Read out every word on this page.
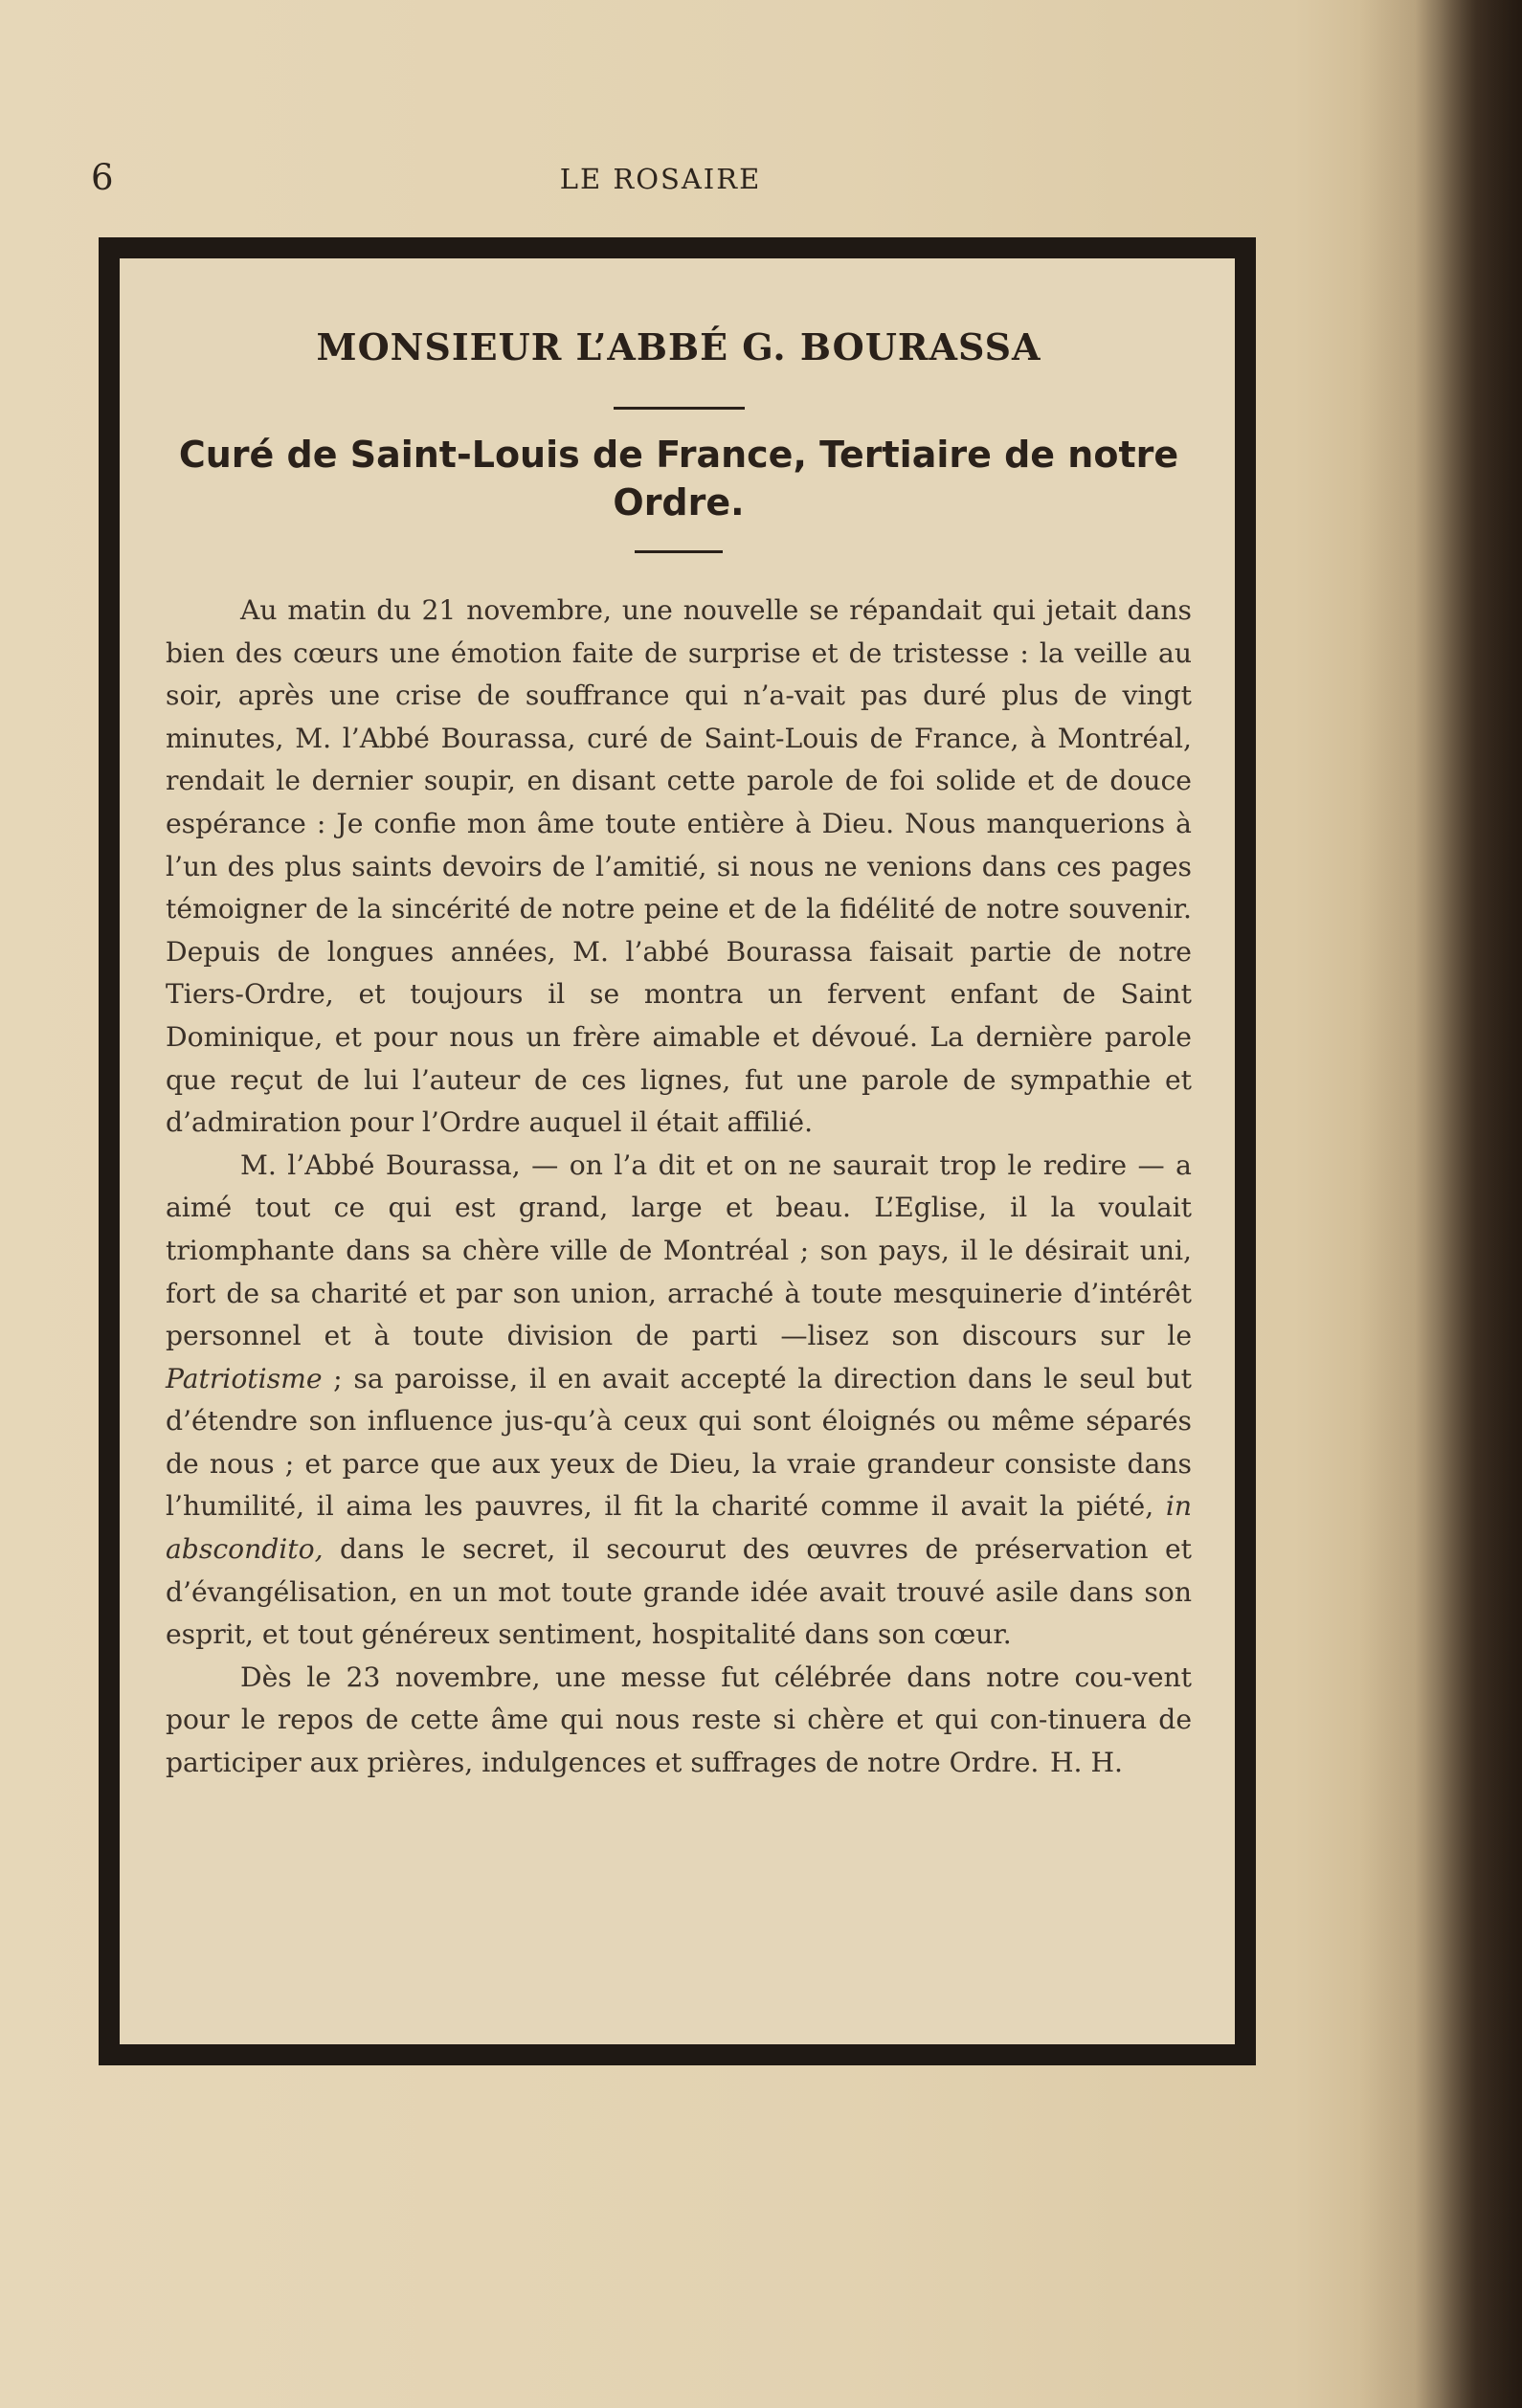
6	LE ROSAIRE
MONSIEUR L’ABBÉ G. BOURASSA
Curé de Saint-Louis de France, Tertiaire de notre Ordre.

Au matin du 21 novembre, une nouvelle se répandait qui jetait dans bien des cœurs une émotion faite de surprise et de tristesse : la veille au soir, après une crise de souffrance qui n’a-vait pas duré plus de vingt minutes, M. l’Abbé Bourassa, curé de Saint-Louis de France, à Montréal, rendait le dernier soupir, en disant cette parole de foi solide et de douce espérance : Je confie mon âme toute entière à Dieu. Nous manquerions à l’un des plus saints devoirs de l’amitié, si nous ne venions dans ces pages témoigner de la sincérité de notre peine et de la fidélité de notre souvenir. Depuis de longues années, M. l’abbé Bourassa faisait partie de notre Tiers-Ordre, et toujours il se montra un fervent enfant de Saint Dominique, et pour nous un frère aimable et dévoué. La dernière parole que reçut de lui l’auteur de ces lignes, fut une parole de sympathie et d’admiration pour l’Ordre auquel il était affilié.

M. l’Abbé Bourassa, — on l’a dit et on ne saurait trop le redire — a aimé tout ce qui est grand, large et beau. L’Eglise, il la voulait triomphante dans sa chère ville de Montréal ; son pays, il le désirait uni, fort de sa charité et par son union, arraché à toute mesquinerie d’intérêt personnel et à toute division de parti —lisez son discours sur le Patriotisme ; sa paroisse, il en avait accepté la direction dans le seul but d’étendre son influence jus-qu’à ceux qui sont éloignés ou même séparés de nous ; et parce que aux yeux de Dieu, la vraie grandeur consiste dans l’humilité, il aima les pauvres, il fit la charité comme il avait la piété, in abscondito, dans le secret, il secourut des œuvres de préservation et d’évangélisation, en un mot toute grande idée avait trouvé asile dans son esprit, et tout généreux sentiment, hospitalité dans son cœur.

Dès le 23 novembre, une messe fut célébrée dans notre cou-vent pour le repos de cette âme qui nous reste si chère et qui con-tinuera de participer aux prières, indulgences et suffrages de notre Ordre. H. H.
